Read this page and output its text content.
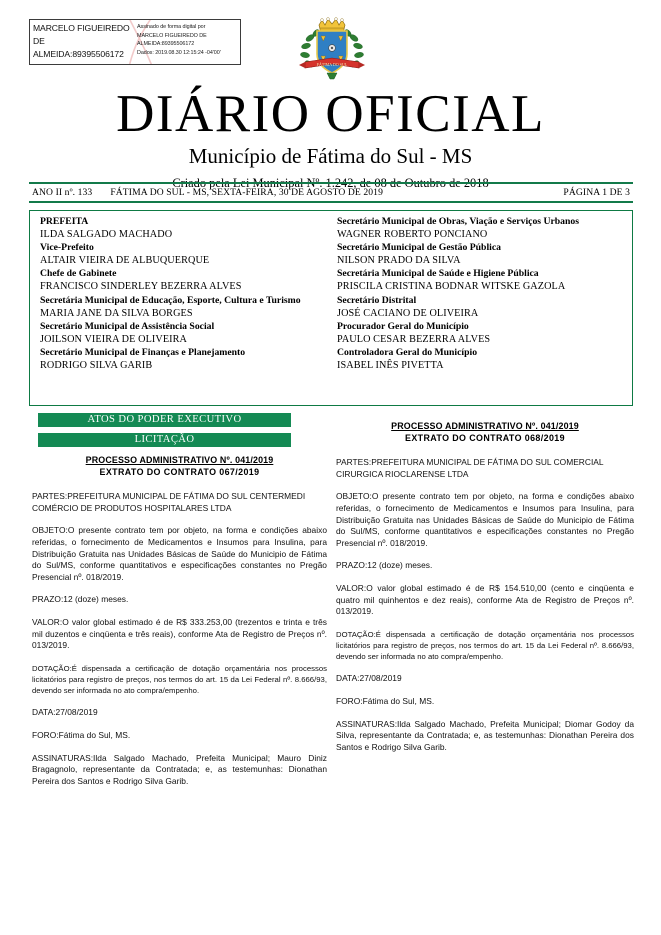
MARCELO FIGUEIREDO
DE
ALMEIDA:89395506172
Assinado de forma digital por
MARCELO FIGUEIREDO DE
ALMEIDA:89395506172
Dados: 2019.08.30 12:15:24 -04'00'
FÁTIMA DO SUL
DIÁRIO OFICIAL
Município de Fátima do Sul - MS
Criado pela Lei Municipal Nº. 1.242, de 08 de Outubro de 2018
ANO II nº. 133	FÁTIMA DO SUL - MS, SEXTA-FEIRA, 30 DE AGOSTO DE 2019	PÁGINA 1 DE 3
PREFEITA
ILDA SALGADO MACHADO
Vice-Prefeito
ALTAIR VIEIRA DE ALBUQUERQUE
Chefe de Gabinete
FRANCISCO SINDERLEY BEZERRA ALVES
Secretária Municipal de Educação, Esporte, Cultura e Turismo
MARIA JANE DA SILVA BORGES
Secretário Municipal de Assistência Social
JOILSON VIEIRA DE OLIVEIRA
Secretário Municipal de Finanças e Planejamento
RODRIGO SILVA GARIB
Secretário Municipal de Obras, Viação e Serviços Urbanos
WAGNER ROBERTO PONCIANO
Secretário Municipal de Gestão Pública
NILSON PRADO DA SILVA
Secretária Municipal de Saúde e Higiene Pública
PRISCILA CRISTINA BODNAR WITSKE GAZOLA
Secretário Distrital
JOSÉ CACIANO DE OLIVEIRA
Procurador Geral do Município
PAULO CESAR BEZERRA ALVES
Controladora Geral do Município
ISABEL INÊS PIVETTA
ATOS DO PODER EXECUTIVO
LICITAÇÃO
PROCESSO ADMINISTRATIVO Nº. 041/2019
EXTRATO DO CONTRATO 067/2019
PARTES:PREFEITURA MUNICIPAL DE FÁTIMA DO SUL CENTERMEDI COMÉRCIO DE PRODUTOS HOSPITALARES LTDA
OBJETO:O presente contrato tem por objeto, na forma e condições abaixo referidas, o fornecimento de Medicamentos e Insumos para Insulina, para Distribuição Gratuita nas Unidades Básicas de Saúde do Municipio de Fátima do Sul/MS, conforme quantitativos e especificações constantes no Pregão Presencial nº. 018/2019.
PRAZO:12 (doze) meses.
VALOR:O valor global estimado é de R$ 333.253,00 (trezentos e trinta e três mil duzentos e cinqüenta e três reais), conforme Ata de Registro de Preços nº. 013/2019.
DOTAÇÃO:É dispensada a certificação de dotação orçamentária nos processos licitatórios para registro de preços, nos termos do art. 15 da Lei Federal nº. 8.666/93, devendo ser informada no ato compra/empenho.
DATA:27/08/2019
FORO:Fátima do Sul, MS.
ASSINATURAS:Ilda Salgado Machado, Prefeita Municipal; Mauro Diniz Bragagnolo, representante da Contratada; e, as testemunhas: Dionathan Pereira dos Santos e Rodrigo Silva Garib.
PROCESSO ADMINISTRATIVO Nº. 041/2019
EXTRATO DO CONTRATO 068/2019
PARTES:PREFEITURA MUNICIPAL DE FÁTIMA DO SUL COMERCIAL CIRURGICA RIOCLARENSE LTDA
OBJETO:O presente contrato tem por objeto, na forma e condições abaixo referidas, o fornecimento de Medicamentos e Insumos para Insulina, para Distribuição Gratuita nas Unidades Básicas de Saúde do Municipio de Fátima do Sul/MS, conforme quantitativos e especificações constantes no Pregão Presencial nº. 018/2019.
PRAZO:12 (doze) meses.
VALOR:O valor global estimado é de R$ 154.510,00 (cento e cinqüenta e quatro mil quinhentos e dez reais), conforme Ata de Registro de Preços nº. 013/2019.
DOTAÇÃO:É dispensada a certificação de dotação orçamentária nos processos licitatórios para registro de preços, nos termos do art. 15 da Lei Federal nº. 8.666/93, devendo ser informada no ato compra/empenho.
DATA:27/08/2019
FORO:Fátima do Sul, MS.
ASSINATURAS:Ilda Salgado Machado, Prefeita Municipal; Diomar Godoy da Silva, representante da Contratada; e, as testemunhas: Dionathan Pereira dos Santos e Rodrigo Silva Garib.
